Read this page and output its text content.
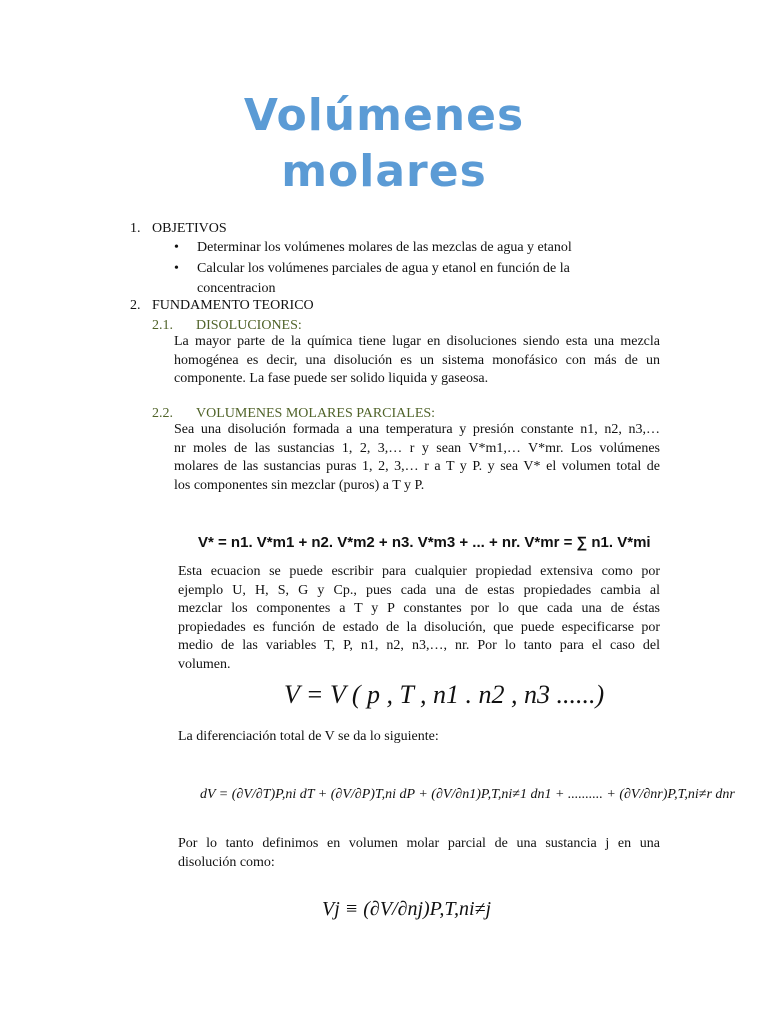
Volúmenes
molares
1. OBJETIVOS
• Determinar los volúmenes molares de las mezclas de agua y etanol
• Calcular los volúmenes parciales de agua y etanol en función de la
concentracion
2. FUNDAMENTO TEORICO
2.1. DISOLUCIONES:
La mayor parte de la química tiene lugar en disoluciones siendo esta una mezcla
homogénea es decir, una disolución es un sistema monofásico con más de un
componente. La fase puede ser solido liquida y gaseosa.
2.2. VOLUMENES MOLARES PARCIALES:
Sea una disolución formada a una temperatura y presión constante n1, n2, n3,…
nr moles de las sustancias 1, 2, 3,… r y sean V*m1,… V*mr. Los volúmenes
molares de las sustancias puras 1, 2, 3,… r a T y P. y sea V* el volumen total de
los componentes sin mezclar (puros) a T y P.
V* = n1. V*m1 + n2. V*m2 + n3. V*m3 + ... + nr. V*mr = ∑ n1. V*mi
Esta ecuacion se puede escribir para cualquier propiedad extensiva como por
ejemplo U, H, S, G y Cp., pues cada una de estas propiedades cambia al
mezclar los componentes a T y P constantes por lo que cada una de éstas
propiedades es función de estado de la disolución, que puede especificarse por
medio de las variables T, P, n1, n2, n3,…, nr. Por lo tanto para el caso del
volumen.
V = V ( p , T , n1 . n2 , n3 ......)
La diferenciación total de V se da lo siguiente:
dV = (∂V/∂T)P,ni dT + (∂V/∂P)T,ni dP + (∂V/∂n1)P,T,ni≠1 dn1 + .......... + (∂V/∂nr)P,T,ni≠r dnr
Por lo tanto definimos en volumen molar parcial de una sustancia j en una
disolución como:
Vj ≡ (∂V/∂nj)P,T,ni≠j
